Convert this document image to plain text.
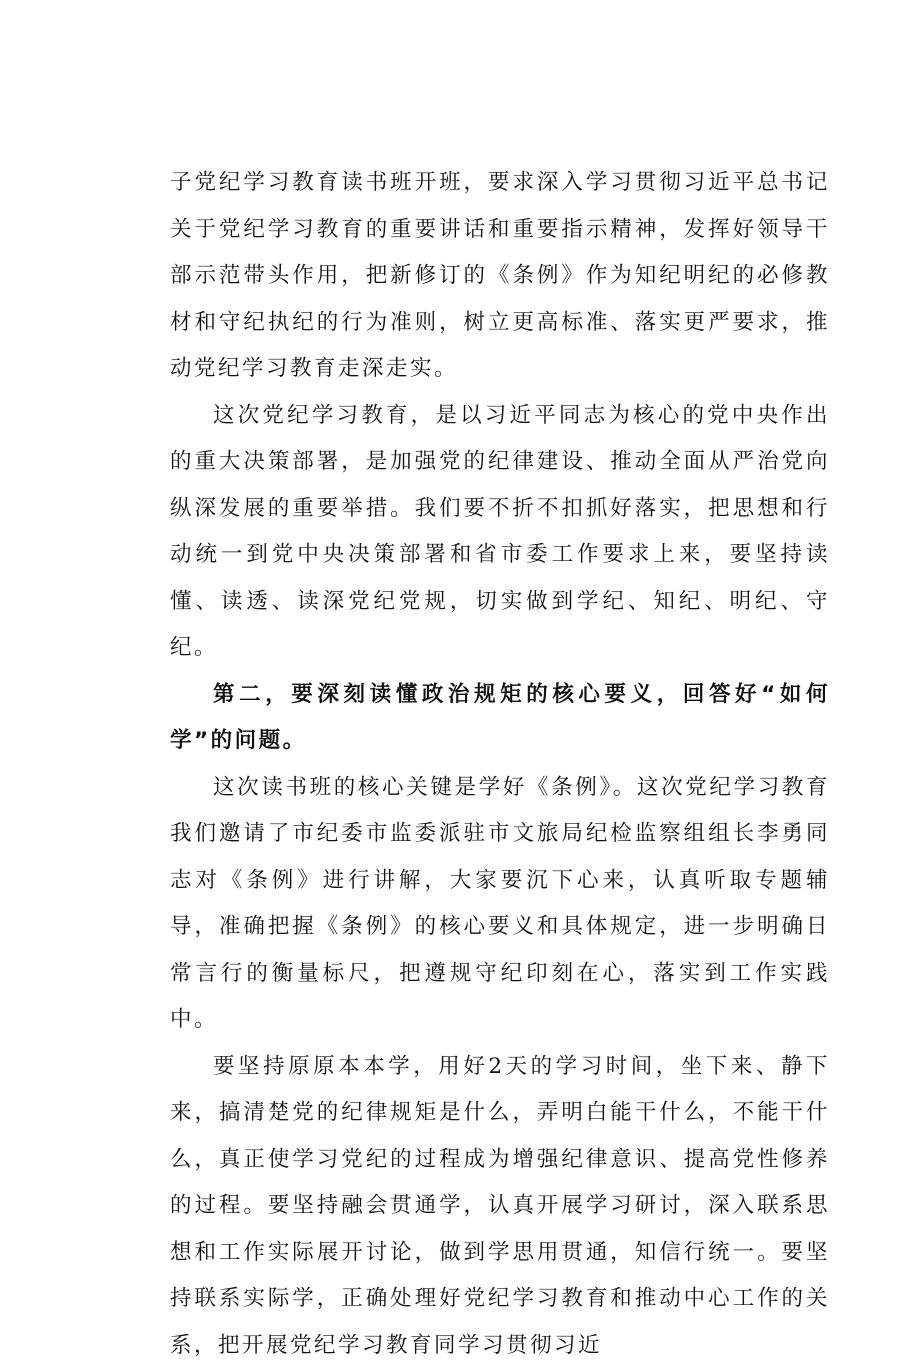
子党纪学习教育读书班开班，要求深入学习贯彻习近平总书记关于党纪学习教育的重要讲话和重要指示精神，发挥好领导干部示范带头作用，把新修订的《条例》作为知纪明纪的必修教材和守纪执纪的行为准则，树立更高标准、落实更严要求，推动党纪学习教育走深走实。

这次党纪学习教育，是以习近平同志为核心的党中央作出的重大决策部署，是加强党的纪律建设、推动全面从严治党向纵深发展的重要举措。我们要不折不扣抓好落实，把思想和行动统一到党中央决策部署和省市委工作要求上来，要坚持读懂、读透、读深党纪党规，切实做到学纪、知纪、明纪、守纪。

第二，要深刻读懂政治规矩的核心要义，回答好“如何学”的问题。

这次读书班的核心关键是学好《条例》。这次党纪学习教育我们邀请了市纪委市监委派驻市文旅局纪检监察组组长李勇同志对《条例》进行讲解，大家要沉下心来，认真听取专题辅导，准确把握《条例》的核心要义和具体规定，进一步明确日常言行的衡量标尺，把遵规守纪印刻在心，落实到工作实践中。

要坚持原原本本学，用好2天的学习时间，坐下来、静下来，搞清楚党的纪律规矩是什么，弄明白能干什么，不能干什么，真正使学习党纪的过程成为增强纪律意识、提高党性修养的过程。要坚持融会贯通学，认真开展学习研讨，深入联系思想和工作实际展开讨论，做到学思用贯通，知信行统一。要坚持联系实际学，正确处理好党纪学习教育和推动中心工作的关系，把开展党纪学习教育同学习贯彻习近
